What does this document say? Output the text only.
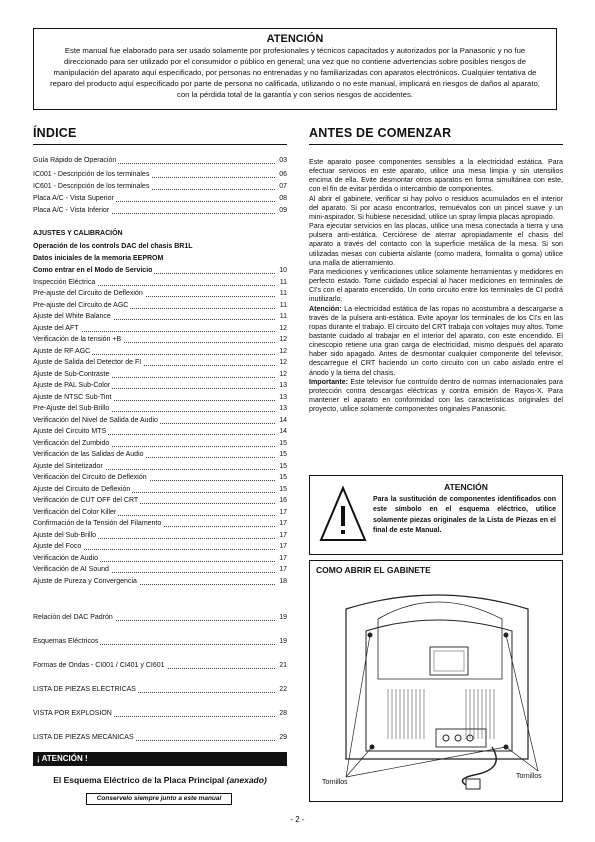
ATENCIÓN
Este manual fue elaborado para ser usado solamente por profesionales y técnicos capacitados y autorizados por la Panasonic y no fue direccionado para ser utilizado por el consumidor o público en general; una vez que no contiene advertencias sobre posibles riesgos de manipulación del aparato aquí especificado, por personas no entrenadas y no familiarizadas con aparatos electrónicos. Cualquier tentativa de reparo del producto aquí especificado por parte de persona no calificada, utilizando o no este manual, implicará en riesgos de daños al aparato, con la pérdida total de la garantía y con serios riesgos de accidentes.
ÍNDICE
Guía Rápido de Operación	03
IC001 - Descripción de los terminales	06
IC601 - Descripción de los terminales	07
Placa A/C - Vista Superior	08
Placa A/C - Vista Inferior	09
AJUSTES Y CALIBRACIÓN
Operación de los controls DAC del chasis BR1L
Datos iniciales de la memoria EEPROM
Como entrar en el Modo de Servicio	10
Inspección Eléctrica	11
Pre-ajuste del Circuito de Deflexión	11
Pre-ajuste del Circuito de AGC	11
Ajuste del White Balance	11
Ajuste del AFT	12
Verificación de la tensión +B	12
Ajuste de RF AGC	12
Ajuste de Salida del Detector de FI	12
Ajuste de Sub-Contraste	12
Ajuste de PAL Sub-Color	13
Ajuste de NTSC Sub-Tint	13
Pre-Ajuste del Sub-Brillo	13
Verificación del Nivel de Salida de Audio	14
Ajuste del Circuito MTS	14
Verificación del Zumbido	15
Verificación de las Salidas de Audio	15
Ajuste del Sintetizador	15
Verificación del Circuito de Deflexión	15
Ajuste del Circuito de Deflexión	15
Verificación de CUT OFF del CRT	16
Verificación del Color Killer	17
Confirmación de la Tensión del Filamento	17
Ajuste del Sub-Brillo	17
Ajuste del Foco	17
Verificación de Audio	17
Verificación de AI Sound	17
Ajuste de Pureza y Convergencia	18
Relación del DAC Padrón	19
Esquemas Eléctricos	19
Formas de Ondas - CI001 / CI401 y CI601	21
LISTA DE PIEZAS ELÉCTRICAS	22
VISTA POR EXPLOSIÓN	28
LISTA DE PIEZAS MECÁNICAS	29
ANTES DE COMENZAR

Este aparato posee componentes sensibles a la electricidad estática. Para efectuar servicios en este aparato, utilice una mesa limpia y sin utensilios encima de ella. Evite desmontar otros aparatos en forma simultánea con este, con el fin de evitar pérdida o intercambio de componentes.

Al abrir el gabinete, verificar si hay polvo o residuos acumulados en el interior del aparato. Si por acaso encontrarlos, remuévalos con un pincel suave y un mini-aspirador. Si hubiese necesidad, utilice un spray limpia placas apropiado.

Para ejecutar servicios en las placas, utilice una mesa conectada a tierra y una pulsera anti-estática. Cerciórese de aterrar apropiadamente el chasis del aparato a través del contacto con la superficie metálica de la mesa. Si son utilizadas mesas con cubierta aislante (como madera, formalita o goma) utilice una malla de atierramiento.

Para mediciones y verificaciones utilice solamente herramientas y medidores en perfecto estado. Tome cuidado especial al hacer mediciones en terminales de CI's con el aparato encendido. Un corto circuito entre los terminales de CI podrá inutilizarlo.

Atención: La electricidad estática de las ropas no acostumbra a descargarse a través de la pulsera anti-estática. Evite apoyar los terminales de los CI's en las ropas durante el trabajo. El circuito del CRT trabaja con voltajes muy altos. Tome bastante cuidado al trabajar en el interior del aparato, con este encendido. El cinescopio retiene una gran carga de electricidad, mismo después del aparato haber sido apagado. Antes de desmontar cualquier componente del televisor, descarregue el CRT haciendo un corto circuito con un cabo aislado entre el ánodo y la tierra del chasis.

Importante: Este televisor fue contruído dentro de normas internacionales para protección contra descargas eléctricas y contra emisión de Rayos-X. Para mantener el aparato en conformidad con las características originales del proyecto, utilice solamente componentes originales Panasonic.

ATENCIÓN
Para la sustitución de componentes identificados con este símbolo en el esquema eléctrico, utilice solamente piezas originales de la Lista de Piezas en el final de este Manual.
COMO ABRIR EL GABINETE
Tornillos
Tornillos
¡ ATENCIÓN !
El Esquema Eléctrico de la Placa Principal (anexado)
Conservelo siempre junto a este manual
- 2 -
